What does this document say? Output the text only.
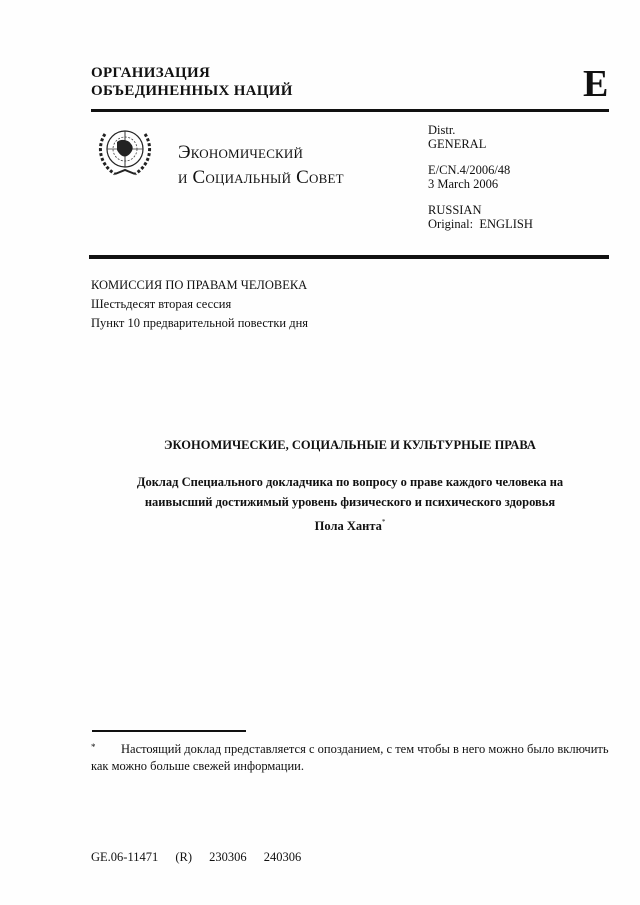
ОРГАНИЗАЦИЯ
ОБЪЕДИНЕННЫХ НАЦИЙ	E
Экономический
и Социальный Совет
Distr.
GENERAL
E/CN.4/2006/48
3 March 2006
RUSSIAN
Original:  ENGLISH
КОМИССИЯ ПО ПРАВАМ ЧЕЛОВЕКА
Шестьдесят вторая сессия
Пункт 10 предварительной повестки дня
ЭКОНОМИЧЕСКИЕ, СОЦИАЛЬНЫЕ И КУЛЬТУРНЫЕ ПРАВА
Доклад Специального докладчика по вопросу о праве каждого человека на
наивысший достижимый уровень физического и психического здоровья
Пола Ханта*
* Настоящий доклад представляется с опозданием, с тем чтобы в него можно было включить как можно больше свежей информации.
GE.06-11471 (R) 230306 240306
